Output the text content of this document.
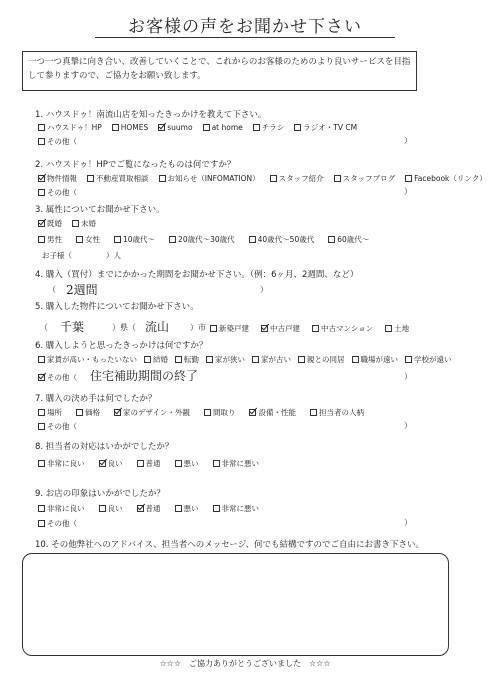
お客様の声をお聞かせ下さい
一つ一つ真摯に向き合い、改善していくことで、これからのお客様のためのより良いサービスを目指して参りますので、ご協力をお願い致します。
1. ハウスドゥ！南流山店を知ったきっかけを教えて下さい。
ハウスドゥ！HP	HOMES	suumo	at home	チラシ	ラジオ・TV CM
その他（	）
2. ハウスドゥ！HPでご覧になったものは何ですか？
物件情報	不動産買取相談	お知らせ（INFOMATION）	スタッフ紹介	スタッフブログ	Facebook（リンク）
その他（	）
3. 属性についてお聞かせ下さい。
既婚	未婚
男性	女性	10歳代～	20歳代～30歳代	40歳代～50歳代	60歳代～
お子様（	）人
4. 購入（買付）までにかかった期間をお聞かせ下さい。（例：6ヶ月、2週間、など）
（ 2週間	）
5. 購入した物件についてお聞かせ下さい。
（ 千葉	）県（ 流山	）市 新築戸建	中古戸建	中古マンション	土地
6. 購入しようと思ったきっかけは何ですか？
家賃が高い・もったいない 結婚 転勤 家が狭い 家が古い 親との同居 職場が遠い 学校が遠い
その他（ 住宅補助期間の終了	）
7. 購入の決め手は何でしたか？
場所	価格	家のデザイン・外観	間取り	設備・性能	担当者の人柄
その他（	）
8. 担当者の対応はいかがでしたか？
非常に良い	良い	普通	悪い	非常に悪い
9. お店の印象はいかがでしたか？
非常に良い	良い	普通	悪い	非常に悪い
その他（	）
10. その他弊社へのアドバイス、担当者へのメッセージ、何でも結構ですのでご自由にお書き下さい。
☆☆☆　ご協力ありがとうございました　☆☆☆
